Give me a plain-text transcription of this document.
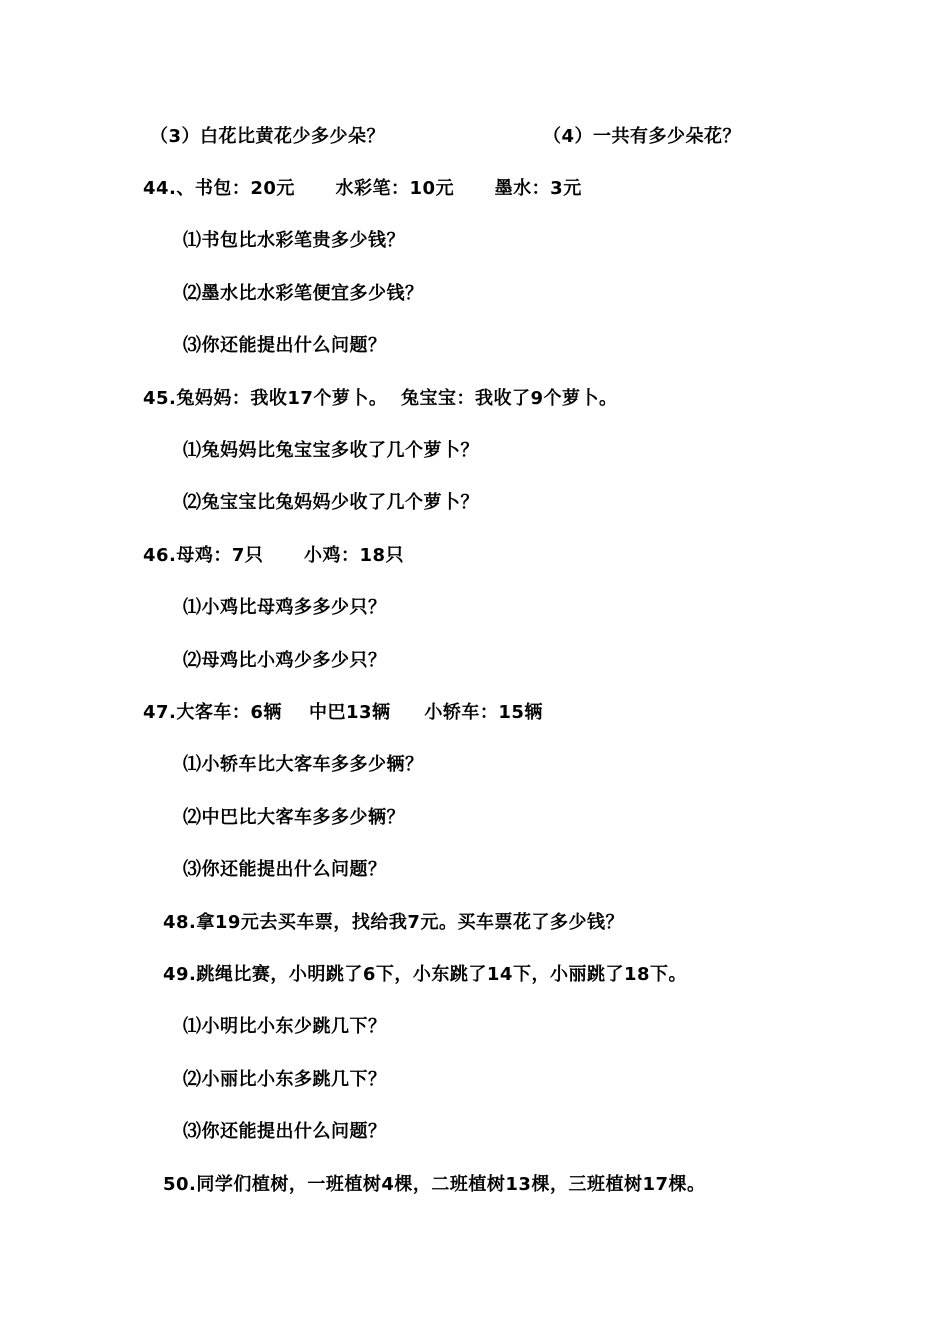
（3）白花比黄花少多少朵？	（4）一共有多少朵花？
44.、书包：20元      水彩笔：10元      墨水：3元
⑴书包比水彩笔贵多少钱？
⑵墨水比水彩笔便宜多少钱？
⑶你还能提出什么问题？
45.兔妈妈：我收17个萝卜。  兔宝宝：我收了9个萝卜。
⑴兔妈妈比兔宝宝多收了几个萝卜？
⑵兔宝宝比兔妈妈少收了几个萝卜？
46.母鸡：7只      小鸡：18只
⑴小鸡比母鸡多多少只？
⑵母鸡比小鸡少多少只？
47.大客车：6辆    中巴13辆     小轿车：15辆
⑴小轿车比大客车多多少辆？
⑵中巴比大客车多多少辆？
⑶你还能提出什么问题？
48.拿19元去买车票，找给我7元。买车票花了多少钱？
49.跳绳比赛，小明跳了6下，小东跳了14下，小丽跳了18下。
⑴小明比小东少跳几下？
⑵小丽比小东多跳几下？
⑶你还能提出什么问题？
50.同学们植树，一班植树4棵，二班植树13棵，三班植树17棵。
